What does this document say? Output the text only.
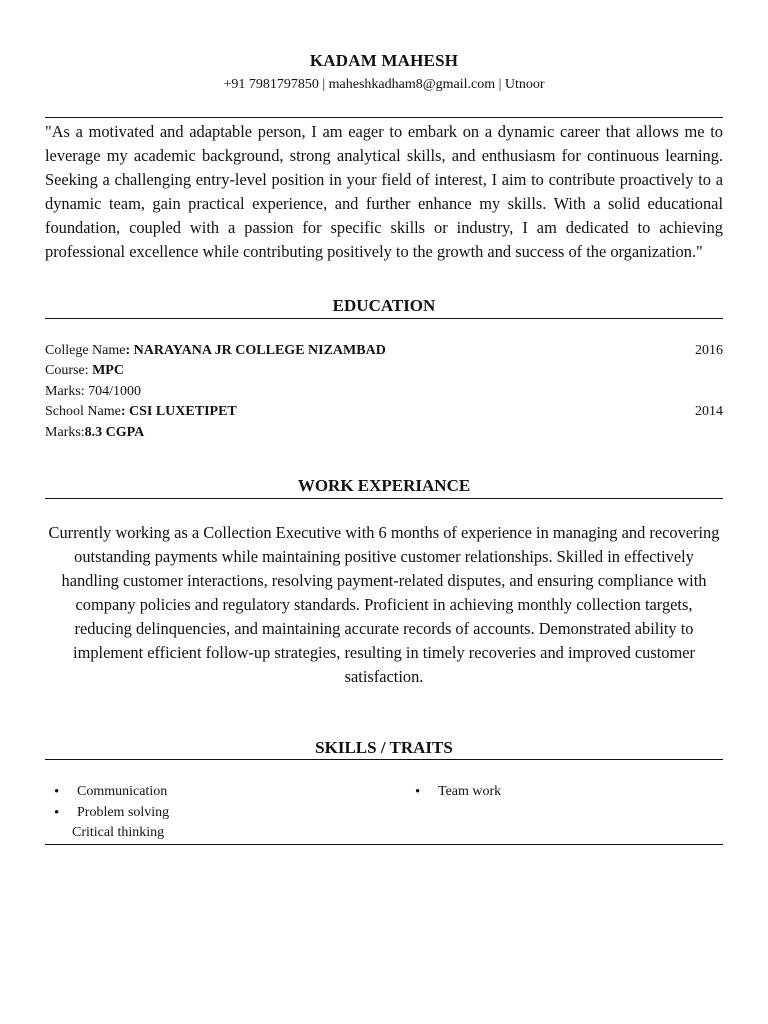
KADAM MAHESH
+91 7981797850 | maheshkadham8@gmail.com | Utnoor
"As a motivated and adaptable person, I am eager to embark on a dynamic career that allows me to leverage my academic background, strong analytical skills, and enthusiasm for continuous learning. Seeking a challenging entry-level position in your field of interest, I aim to contribute proactively to a dynamic team, gain practical experience, and further enhance my skills. With a solid educational foundation, coupled with a passion for specific skills or industry, I am dedicated to achieving professional excellence while contributing positively to the growth and success of the organization."
EDUCATION
College Name: NARAYANA JR COLLEGE NIZAMBAD	2016
Course: MPC
Marks: 704/1000
School Name: CSI LUXETIPET	2014
Marks:8.3 CGPA
WORK EXPERIANCE
Currently working as a Collection Executive with 6 months of experience in managing and recovering outstanding payments while maintaining positive customer relationships. Skilled in effectively handling customer interactions, resolving payment-related disputes, and ensuring compliance with company policies and regulatory standards. Proficient in achieving monthly collection targets, reducing delinquencies, and maintaining accurate records of accounts. Demonstrated ability to implement efficient follow-up strategies, resulting in timely recoveries and improved customer satisfaction.
SKILLS / TRAITS
• Communication
• Problem solving
Critical thinking
• Team work
